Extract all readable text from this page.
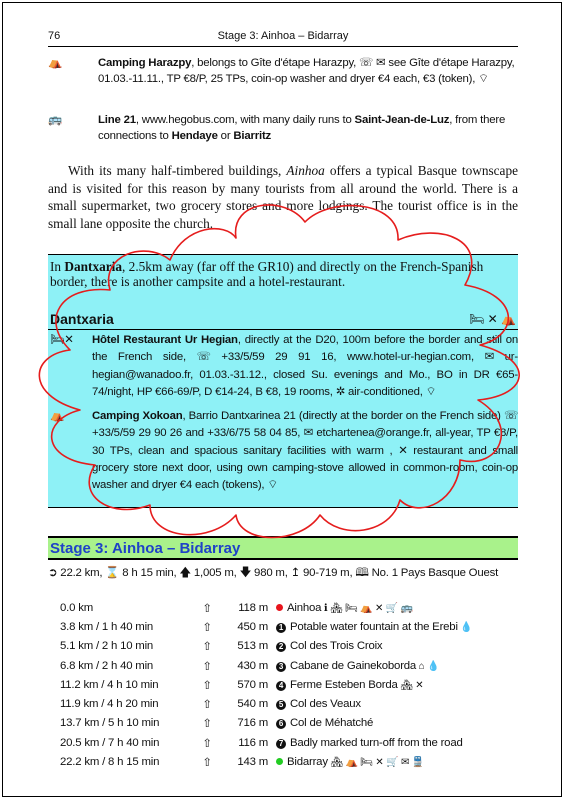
76	Stage 3: Ainhoa – Bidarray
⛺	Camping Harazpy, belongs to Gîte d'étape Harazpy, ☏ ✉ see Gîte d'étape Harazpy, 01.03.-11.11., TP €8/P, 25 TPs, coin-op washer and dryer €4 each, €3 (token), ⌔
🚌	Line 21, www.hegobus.com, with many daily runs to Saint-Jean-de-Luz, from there connections to Hendaye or Biarritz
With its many half-timbered buildings, Ainhoa offers a typical Basque townscape and is visited for this reason by many tourists from all around the world. There is a small supermarket, two grocery stores and more lodgings. The tourist office is in the small lane opposite the church.
In Dantxaria, 2.5km away (far off the GR10) and directly on the French-Spanish border, there is another campsite and a hotel-restaurant.
Dantxaria	🛏 ✕ ⛺
🛏✕ Hôtel Restaurant Ur Hegian, directly at the D20, 100m before the border and still on the French side, ☏ +33/5/59 29 91 16, www.hotel-ur-hegian.com, ✉ ur-hegian@wanadoo.fr, 01.03.-31.12., closed Su. evenings and Mo., BO in DR €65-74/night, HP €66-69/P, D €14-24, B €8, 19 rooms, ✲ air-conditioned, ⌔
⛺ Camping Xokoan, Barrio Dantxarinea 21 (directly at the border on the French side) ☏ +33/5/59 29 90 26 and +33/6/75 58 04 85, ✉ etchartenea@orange.fr, all-year, TP €8/P, 30 TPs, clean and spacious sanitary facilities with warm , ✕ restaurant and small grocery store next door, using own camping-stove allowed in common-room, coin-op washer and dryer €4 each (tokens), ⌔
Stage 3: Ainhoa – Bidarray
➲ 22.2 km, ⌛ 8 h 15 min, 🡅 1,005 m, 🡇 980 m, ↥ 90-719 m, 🕮 No. 1 Pays Basque Ouest
0.0 km	⇧	118 m	Ainhoa ℹ 🏘 🛏 ⛺ ✕ 🛒 🚌
3.8 km / 1 h 40 min	⇧	450 m	1 Potable water fountain at the Erebi 💧
5.1 km / 2 h 10 min	⇧	513 m	2 Col des Trois Croix
6.8 km / 2 h 40 min	⇧	430 m	3 Cabane de Gainekoborda ⌂ 💧
11.2 km / 4 h 10 min	⇧	570 m	4 Ferme Esteben Borda 🏘 ✕
11.9 km / 4 h 20 min	⇧	540 m	5 Col des Veaux
13.7 km / 5 h 10 min	⇧	716 m	6 Col de Méhatché
20.5 km / 7 h 40 min	⇧	116 m	7 Badly marked turn-off from the road
22.2 km / 8 h 15 min	⇧	143 m	Bidarray 🏘 ⛺ 🛏 ✕ 🛒 ✉ 🚆
